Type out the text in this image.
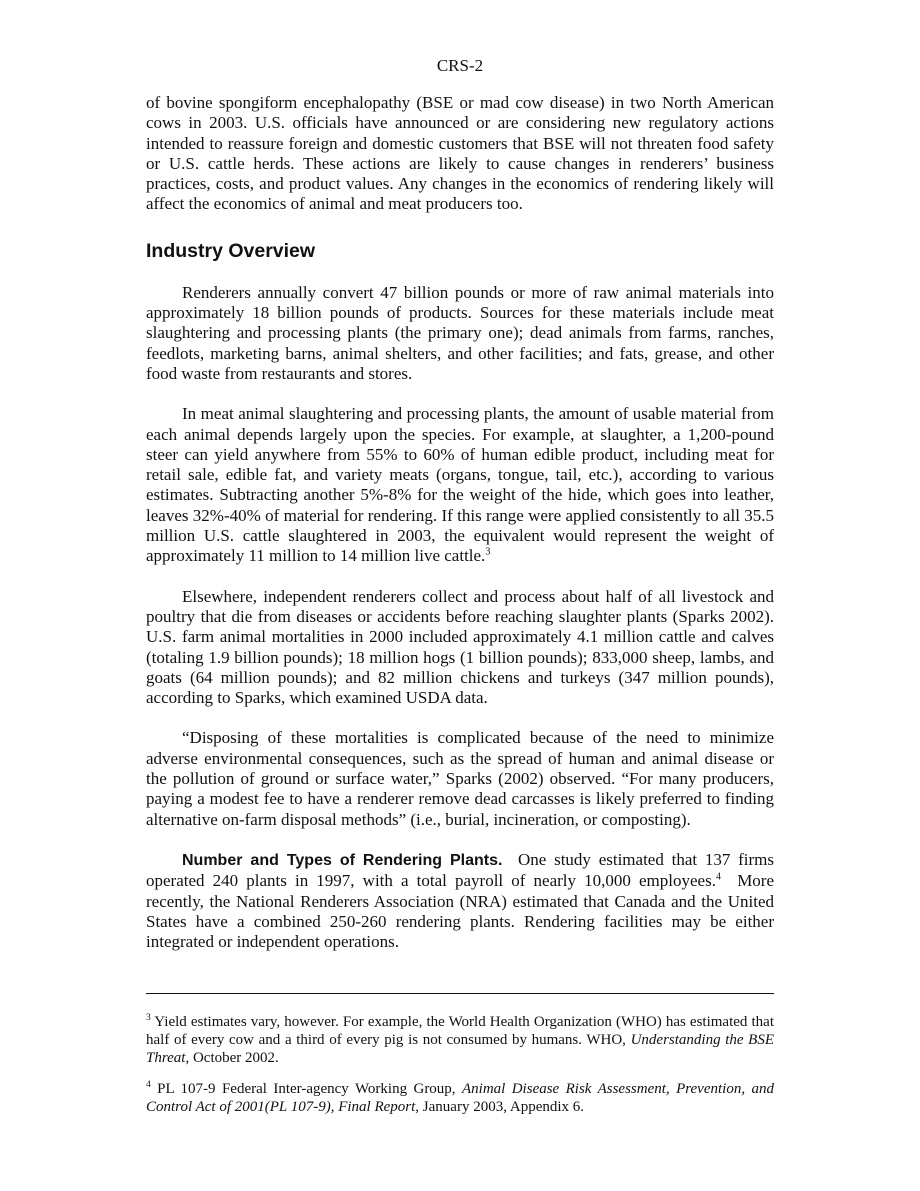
CRS-2

of bovine spongiform encephalopathy (BSE or mad cow disease) in two North American cows in 2003. U.S. officials have announced or are considering new regulatory actions intended to reassure foreign and domestic customers that BSE will not threaten food safety or U.S. cattle herds. These actions are likely to cause changes in renderers’ business practices, costs, and product values. Any changes in the economics of rendering likely will affect the economics of animal and meat producers too.

Industry Overview

Renderers annually convert 47 billion pounds or more of raw animal materials into approximately 18 billion pounds of products. Sources for these materials include meat slaughtering and processing plants (the primary one); dead animals from farms, ranches, feedlots, marketing barns, animal shelters, and other facilities; and fats, grease, and other food waste from restaurants and stores.

In meat animal slaughtering and processing plants, the amount of usable material from each animal depends largely upon the species. For example, at slaughter, a 1,200-pound steer can yield anywhere from 55% to 60% of human edible product, including meat for retail sale, edible fat, and variety meats (organs, tongue, tail, etc.), according to various estimates. Subtracting another 5%-8% for the weight of the hide, which goes into leather, leaves 32%-40% of material for rendering. If this range were applied consistently to all 35.5 million U.S. cattle slaughtered in 2003, the equivalent would represent the weight of approximately 11 million to 14 million live cattle.$^3$

Elsewhere, independent renderers collect and process about half of all livestock and poultry that die from diseases or accidents before reaching slaughter plants (Sparks 2002). U.S. farm animal mortalities in 2000 included approximately 4.1 million cattle and calves (totaling 1.9 billion pounds); 18 million hogs (1 billion pounds); 833,000 sheep, lambs, and goats (64 million pounds); and 82 million chickens and turkeys (347 million pounds), according to Sparks, which examined USDA data.

“Disposing of these mortalities is complicated because of the need to minimize adverse environmental consequences, such as the spread of human and animal disease or the pollution of ground or surface water,” Sparks (2002) observed. “For many producers, paying a modest fee to have a renderer remove dead carcasses is likely preferred to finding alternative on-farm disposal methods” (i.e., burial, incineration, or composting).

Number and Types of Rendering Plants. One study estimated that 137 firms operated 240 plants in 1997, with a total payroll of nearly 10,000 employees.$^4$ More recently, the National Renderers Association (NRA) estimated that Canada and the United States have a combined 250-260 rendering plants. Rendering facilities may be either integrated or independent operations.

$^3$ Yield estimates vary, however. For example, the World Health Organization (WHO) has estimated that half of every cow and a third of every pig is not consumed by humans. WHO, Understanding the BSE Threat, October 2002.

$^4$ PL 107-9 Federal Inter-agency Working Group, Animal Disease Risk Assessment, Prevention, and Control Act of 2001(PL 107-9), Final Report, January 2003, Appendix 6.
